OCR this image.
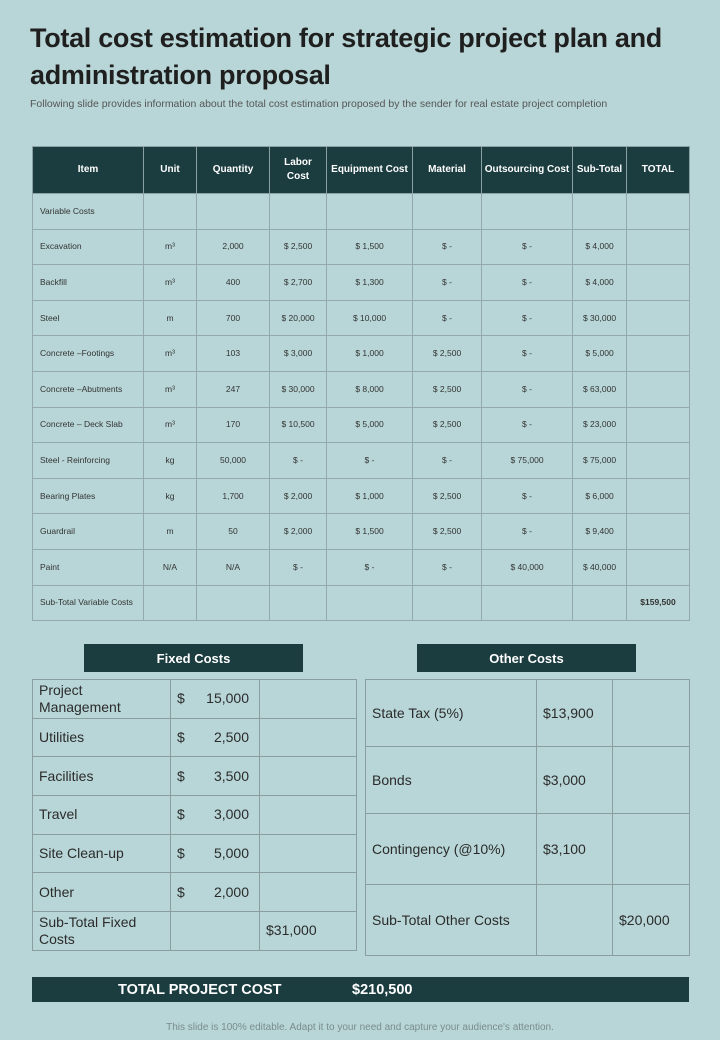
Total cost estimation for strategic project plan and administration proposal
Following slide provides information about the total cost estimation proposed by the sender for real estate project completion
Item	Unit	Quantity	Labor Cost	Equipment Cost	Material	Outsourcing Cost	Sub-Total	TOTAL
Variable Costs								
Excavation	m³	2,000	$ 2,500	$ 1,500	$ -	$ -	$ 4,000	
Backfill	m³	400	$ 2,700	$ 1,300	$ -	$ -	$ 4,000	
Steel	m	700	$ 20,000	$ 10,000	$ -	$ -	$ 30,000	
Concrete –Footings	m³	103	$ 3,000	$ 1,000	$ 2,500	$ -	$ 5,000	
Concrete –Abutments	m³	247	$ 30,000	$ 8,000	$ 2,500	$ -	$ 63,000	
Concrete – Deck Slab	m³	170	$ 10,500	$ 5,000	$ 2,500	$ -	$ 23,000	
Steel - Reinforcing	kg	50,000	$ -	$ -	$ -	$ 75,000	$ 75,000	
Bearing Plates	kg	1,700	$ 2,000	$ 1,000	$ 2,500	$ -	$ 6,000	
Guardrail	m	50	$ 2,000	$ 1,500	$ 2,500	$ -	$ 9,400	
Paint	N/A	N/A	$ -	$ -	$ -	$ 40,000	$ 40,000	
Sub-Total Variable Costs								$159,500
Fixed Costs	Other Costs
Project Management	$ 15,000	

Utilities	$ 2,500	

Facilities	$ 3,500	

Travel	$ 3,000	

Site Clean-up	$ 5,000	

Other	$ 2,000	

Sub-Total Fixed Costs		$31,000
State Tax (5%)	$13,900	
Bonds	$3,000	
Contingency (@10%)	$3,100	
Sub-Total Other Costs		$20,000
TOTAL PROJECT COST	$210,500
This slide is 100% editable. Adapt it to your need and capture your audience's attention.
